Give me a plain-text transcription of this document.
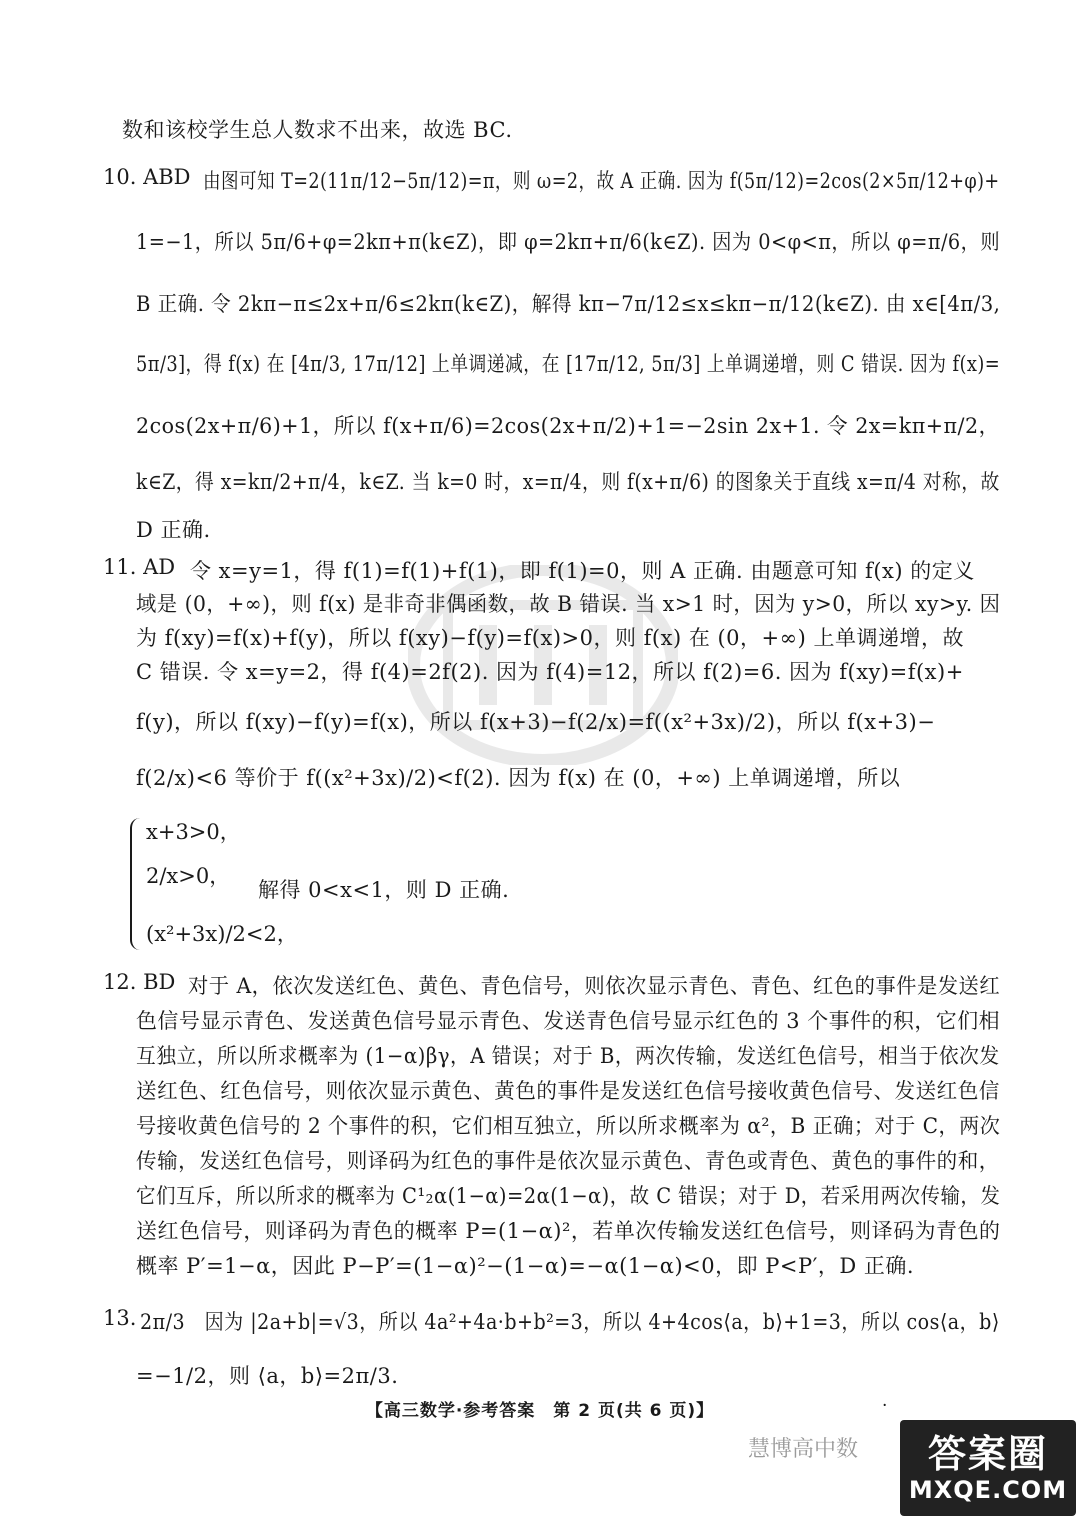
数和该校学生总人数求不出来，故选 BC.
10. ABD 由图可知 T=2(11π/12−5π/12)=π，则 ω=2，故 A 正确. 因为 f(5π/12)=2cos(2×5π/12+φ)+
1=−1，所以 5π/6+φ=2kπ+π(k∈Z)，即 φ=2kπ+π/6(k∈Z). 因为 0<φ<π，所以 φ=π/6，则
B 正确. 令 2kπ−π≤2x+π/6≤2kπ(k∈Z)，解得 kπ−7π/12≤x≤kπ−π/12(k∈Z). 由 x∈[4π/3,
5π/3]，得 f(x) 在 [4π/3, 17π/12] 上单调递减，在 [17π/12, 5π/3] 上单调递增，则 C 错误. 因为 f(x)=
2cos(2x+π/6)+1，所以 f(x+π/6)=2cos(2x+π/2)+1=−2sin 2x+1. 令 2x=kπ+π/2，
k∈Z，得 x=kπ/2+π/4，k∈Z. 当 k=0 时，x=π/4，则 f(x+π/6) 的图象关于直线 x=π/4 对称，故
D 正确.
11. AD 令 x=y=1，得 f(1)=f(1)+f(1)，即 f(1)=0，则 A 正确. 由题意可知 f(x) 的定义
域是 (0，+∞)，则 f(x) 是非奇非偶函数，故 B 错误. 当 x>1 时，因为 y>0，所以 xy>y. 因
为 f(xy)=f(x)+f(y)，所以 f(xy)−f(y)=f(x)>0，则 f(x) 在 (0，+∞) 上单调递增，故
C 错误. 令 x=y=2，得 f(4)=2f(2). 因为 f(4)=12，所以 f(2)=6. 因为 f(xy)=f(x)+
f(y)，所以 f(xy)−f(y)=f(x)，所以 f(x+3)−f(2/x)=f((x²+3x)/2)，所以 f(x+3)−
f(2/x)<6 等价于 f((x²+3x)/2)<f(2). 因为 f(x) 在 (0，+∞) 上单调递增，所以
x+3>0，
2/x>0，
(x²+3x)/2<2，
解得 0<x<1，则 D 正确.
12. BD 对于 A，依次发送红色、黄色、青色信号，则依次显示青色、青色、红色的事件是发送红
色信号显示青色、发送黄色信号显示青色、发送青色信号显示红色的 3 个事件的积，它们相
互独立，所以所求概率为 (1−α)βγ，A 错误；对于 B，两次传输，发送红色信号，相当于依次发
送红色、红色信号，则依次显示黄色、黄色的事件是发送红色信号接收黄色信号、发送红色信
号接收黄色信号的 2 个事件的积，它们相互独立，所以所求概率为 α²，B 正确；对于 C，两次
传输，发送红色信号，则译码为红色的事件是依次显示黄色、青色或青色、黄色的事件的和，
它们互斥，所以所求的概率为 C¹₂α(1−α)=2α(1−α)，故 C 错误；对于 D，若采用两次传输，发
送红色信号，则译码为青色的概率 P=(1−α)²，若单次传输发送红色信号，则译码为青色的
概率 P′=1−α，因此 P−P′=(1−α)²−(1−α)=−α(1−α)<0，即 P<P′，D 正确.
13. 2π/3　因为 |2a+b|=√3，所以 4a²+4a·b+b²=3，所以 4+4cos⟨a，b⟩+1=3，所以 cos⟨a，b⟩
=−1/2，则 ⟨a，b⟩=2π/3.
【高三数学·参考答案　第 2 页(共 6 页)】	·
慧博高中数 答案圈
MXQE.COM
